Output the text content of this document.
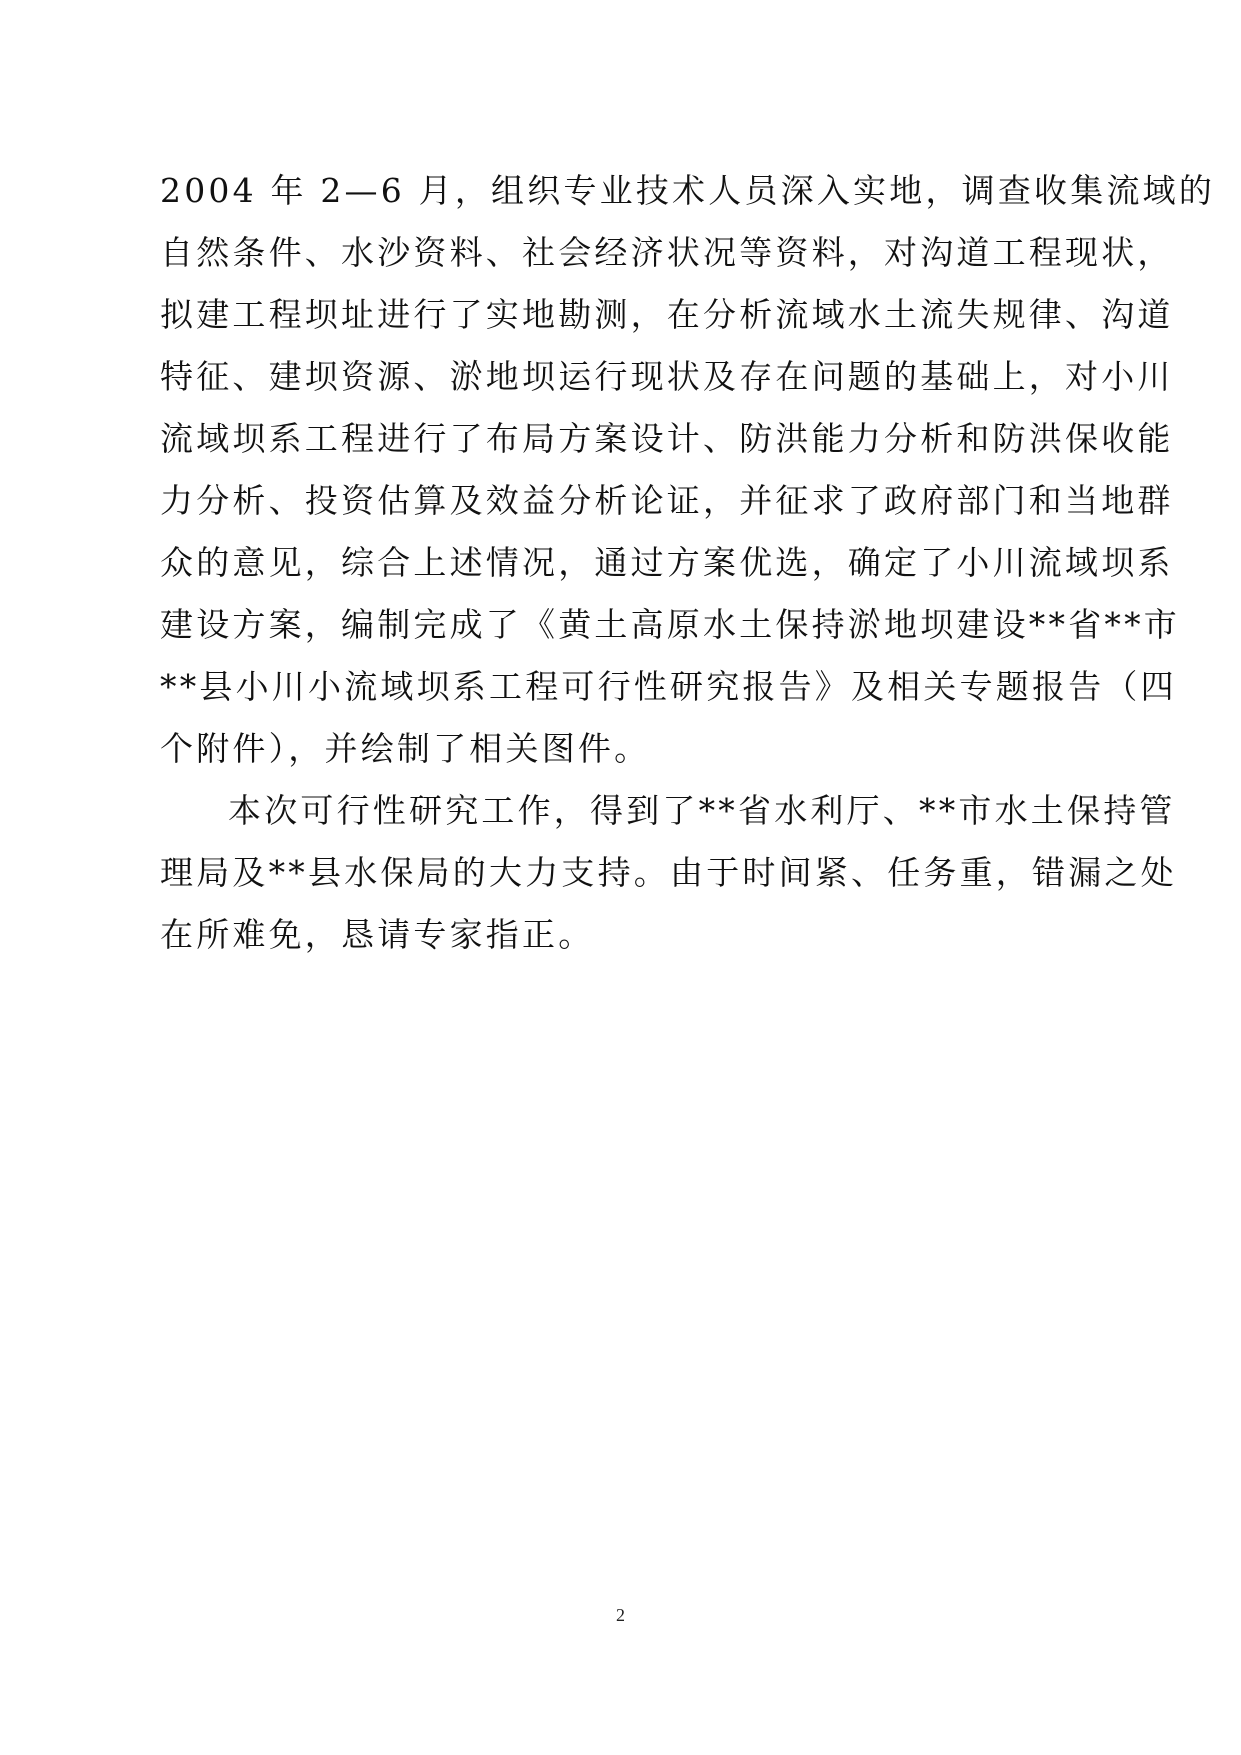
2004 年 2—6 月，组织专业技术人员深入实地，调查收集流域的
自然条件、水沙资料、社会经济状况等资料，对沟道工程现状，
拟建工程坝址进行了实地勘测，在分析流域水土流失规律、沟道
特征、建坝资源、淤地坝运行现状及存在问题的基础上，对小川
流域坝系工程进行了布局方案设计、防洪能力分析和防洪保收能
力分析、投资估算及效益分析论证，并征求了政府部门和当地群
众的意见，综合上述情况，通过方案优选，确定了小川流域坝系
建设方案，编制完成了《黄土高原水土保持淤地坝建设**省**市
**县小川小流域坝系工程可行性研究报告》及相关专题报告（四
个附件），并绘制了相关图件。
本次可行性研究工作，得到了**省水利厅、**市水土保持管
理局及**县水保局的大力支持。由于时间紧、任务重，错漏之处
在所难免，恳请专家指正。
2
